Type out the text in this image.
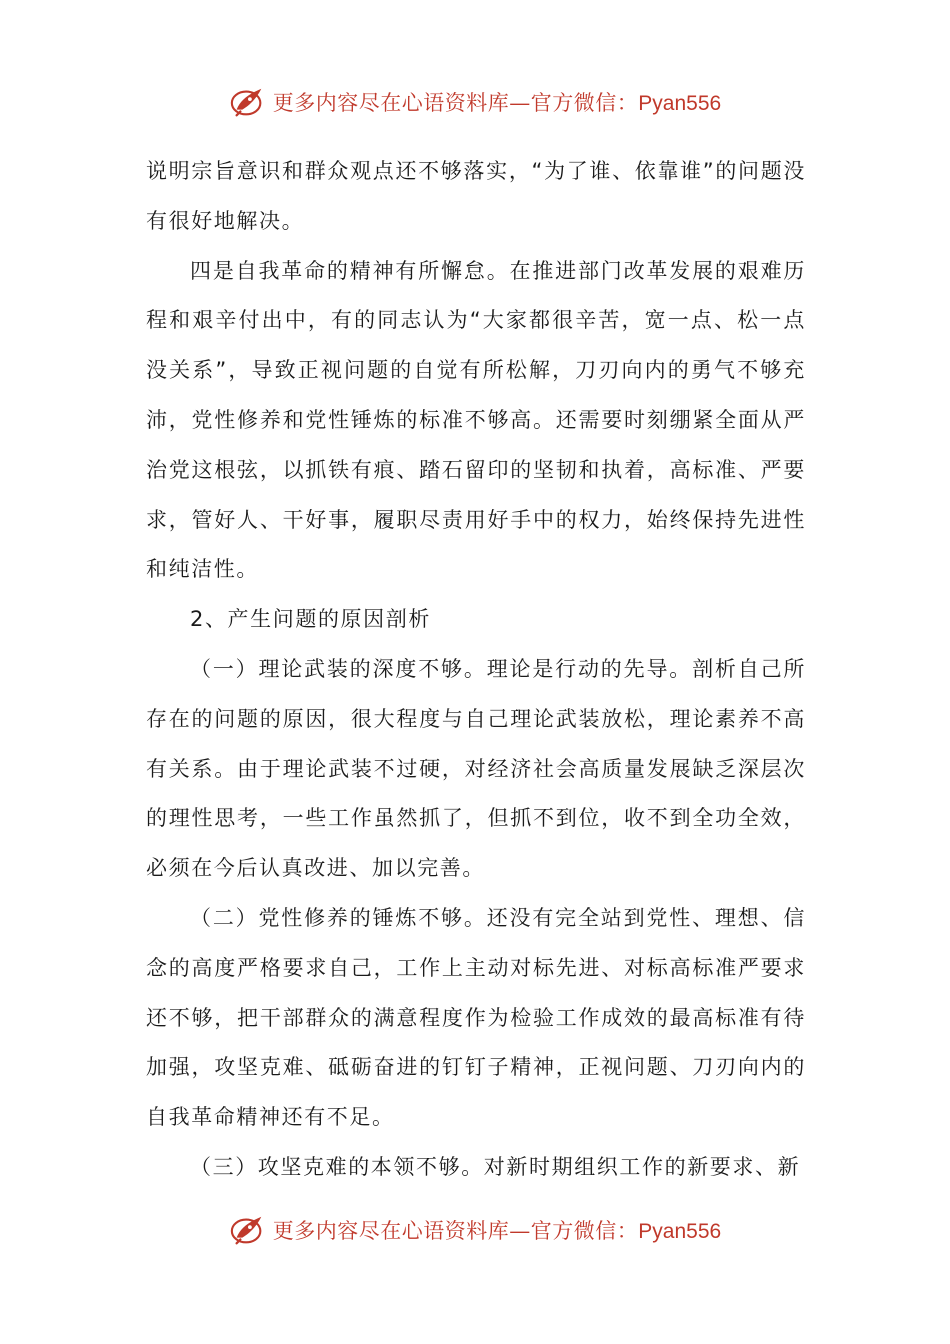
更多内容尽在心语资料库—官方微信：Pyan556

说明宗旨意识和群众观点还不够落实，“为了谁、依靠谁”的问题没有很好地解决。

四是自我革命的精神有所懈怠。在推进部门改革发展的艰难历程和艰辛付出中，有的同志认为“大家都很辛苦，宽一点、松一点没关系”，导致正视问题的自觉有所松解，刀刃向内的勇气不够充沛，党性修养和党性锤炼的标准不够高。还需要时刻绷紧全面从严治党这根弦，以抓铁有痕、踏石留印的坚韧和执着，高标准、严要求，管好人、干好事，履职尽责用好手中的权力，始终保持先进性和纯洁性。

2、产生问题的原因剖析

（一）理论武装的深度不够。理论是行动的先导。剖析自己所存在的问题的原因，很大程度与自己理论武装放松，理论素养不高有关系。由于理论武装不过硬，对经济社会高质量发展缺乏深层次的理性思考，一些工作虽然抓了，但抓不到位，收不到全功全效，必须在今后认真改进、加以完善。

（二）党性修养的锤炼不够。还没有完全站到党性、理想、信念的高度严格要求自己，工作上主动对标先进、对标高标准严要求还不够，把干部群众的满意程度作为检验工作成效的最高标准有待加强，攻坚克难、砥砺奋进的钉钉子精神，正视问题、刀刃向内的自我革命精神还有不足。

（三）攻坚克难的本领不够。对新时期组织工作的新要求、新

更多内容尽在心语资料库—官方微信：Pyan556
